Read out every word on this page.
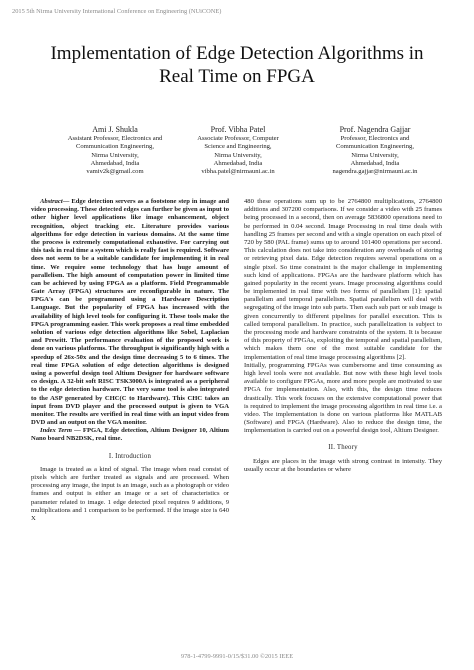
2015 5th Nirma University International Conference on Engineering (NUiCONE)
Implementation of Edge Detection Algorithms in
Real Time on FPGA
Ami J. Shukla
Assistant Professor, Electronics and
Communication Engineering,
Nirma University,
Ahmedabad, India
vamiv2k@gmail.com
Prof. Vibha Patel
Associate Professor, Computer
Science and Engineering,
Nirma University,
Ahmedabad, India
vibha.patel@nirmauni.ac.in
Prof. Nagendra Gajjar
Professor, Electronics and
Communication Engineering,
Nirma University,
Ahmedabad, India
nagendra.gajjar@nirmauni.ac.in

Abstract— Edge detection servers as a footstone step in image and video processing. These detected edges can further be given as input to other higher level applications like image enhancement, object recognition, object tracking etc. Literature provides various algorithms for edge detection in various domains. At the same time the process is extremely computational exhaustive. For carrying out this task in real time a system which is really fast is required. Software does not seem to be a suitable candidate for implementing it in real time. We require some technology that has huge amount of parallelism. The high amount of computation power in limited time can be achieved by using FPGA as a platform. Field Programmable Gate Array (FPGA) structures are reconfigurable in nature. The FPGA's can be programmed using a Hardware Description Language. But the popularity of FPGA has increased with the availability of high level tools for configuring it. These tools make the FPGA programming easier. This work proposes a real time embedded solution of various edge detection algorithms like Sobel, Laplacian and Prewitt. The performance evaluation of the proposed work is done on various platforms. The throughput is significantly high with a speedup of 26x-50x and the design time decreasing 5 to 6 times. The real time FPGA solution of edge detection algorithms is designed using a powerful design tool Altium Designer for hardware software co design. A 32-bit soft RISC TSK3000A is integrated as a peripheral to the edge detection hardware. The very same tool is also integrated to the ASP generated by CHC(C to Hardware). This CHC takes an input from DVD player and the processed output is given to VGA monitor. The results are verified in real time with an input video from DVD and an output on the VGA monitor.

Index Term — FPGA, Edge detection, Altium Designer 10, Altium Nano board NB2DSK, real time.

I. Introduction

Image is treated as a kind of signal. The image when read consist of pixels which are further treated as signals and are processed. When processing any image, the input is an image, such as a photograph or video frames and output is either an image or a set of characteristics or parameter related to image. 1 edge detected pixel requires 9 additions, 9 multiplications and 1 comparison to be performed. If the image size is 640 X

480 these operations sum up to be 2764800 multiplications, 2764800 additions and 307200 comparisons. If we consider a video with 25 frames being processed in a second, then on average 5836800 operations need to be performed in 0.04 second. Image Processing in real time deals with handling 25 frames per second and with a single operation on each pixel of 720 by 580 (PAL frame) sums up to around 101400 operations per second. This calculation does not take into consideration any overheads of storing or retrieving pixel data. Edge detection requires several operations on a single pixel. So time constraint is the major challenge in implementing such kind of applications. FPGAs are the hardware platform which has gained popularity in the recent years. Image processing algorithms could be implemented in real time with two forms of parallelism [1]: spatial parallelism and temporal parallelism. Spatial parallelism will deal with segregating of the image into sub parts. Then each sub part or sub image is given concurrently to different pipelines for parallel execution. This is called temporal parallelism. In practice, such parallelization is subject to the processing mode and hardware constraints of the system. It is because of this property of FPGAs, exploiting the temporal and spatial parallelism, which makes them one of the most suitable candidate for the implementation of real time image processing algorithms [2].

Initially, programming FPGAs was cumbersome and time consuming as high level tools were not available. But now with these high level tools available to configure FPGAs, more and more people are motivated to use FPGA for implementation. Also, with this, the design time reduces drastically. This work focuses on the extensive computational power that is required to implement the image processing algorithm in real time i.e. a video. The implementation is done on various platforms like MATLAB (Software) and FPGA (Hardware). Also to reduce the design time, the implementation is carried out on a powerful design tool, Altium Designer.

II. Theory

Edges are places in the image with strong contrast in intensity. They usually occur at the boundaries or where

978-1-4799-9991-0/15/$31.00 ©2015 IEEE
